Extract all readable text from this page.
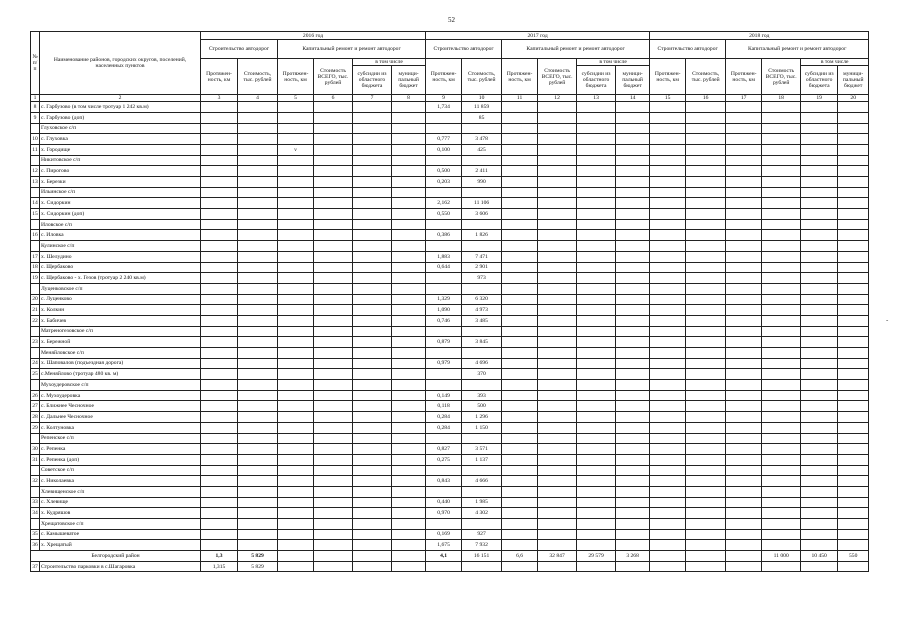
52
-
№ п/п	Наименование районов, городских округов, поселений, населенных пунктов	2016 год						2017 год						2018 год					
		Строительство автодорог		Капитальный ремонт и ремонт автодорог				Строительство автодорог		Капитальный ремонт и ремонт автодорог				Строительство автодорог		Капитальный ремонт и ремонт автодорог			
		Протяжен-ность, км	Стоимость, тыс. рублей	Протяжен-ность, км	Стоимость ВСЕГО, тыс. рублей	в том числе		Протяжен-ность, км	Стоимость, тыс. рублей	Протяжен-ность, км	Стоимость ВСЕГО, тыс. рублей	в том числе		Протяжен-ность, км	Стоимость, тыс. рублей	Протяжен-ность, км	Стоимость ВСЕГО, тыс. рублей	в том числе	
						субсидии из областного бюджета	муници-пальный бюджет					субсидии из областного бюджета	муници-пальный бюджет					субсидии из областного бюджета	муници-пальный бюджет
1	2	3	4	5	6	7	8	9	10	11	12	13	14	15	16	17	18	19	20
8	с. Гарбузово (в том числе тротуар 1 242 кв.м)							1,734	11 859										
9	с. Гарбузово (доп)								85										
	Глуховское с/п																		
10	с. Глуховка							0,777	3 478										
11	х. Городище			v				0,100	425										
	Никитовское с/п																		
12	с. Пирогово							0,500	2 411										
13	х. Березки							0,203	990										
	Ильинское с/п																		
14	х. Сидоркин							2,162	11 106										
15	х. Сидоркин (доп)							0,550	3 606										
	Иловское с/п																		
16	с. Иловка							0,386	1 826										
	Кулинское с/п																		
17	х. Шелудино							1,883	7 471										
18	с. Щербаково							0,644	2 901										
19	с. Щербаково - х. Гезов (тротуар 2 240 кв.м)								973										
	Луценковское с/п																		
20	с. Луценково							1,329	6 320										
21	х. Колкин							1,090	4 973										
22	х. Бабичев							0,746	3 485										
	Матреногезовское с/п																		
23	х. Бережной							0,879	3 845										
	Меняйловское с/п																		
24	х. Шаповалов (подъездная дорога)							0,979	4 696										
25	с.Меняйлово (тротуар 480 кв. м)								370										
	Мухоудеровское с/п																		
26	с. Мухоудеровка							0,149	393										
27	с. Ближнее Чесночное							0,118	500										
28	с. Дальнее Чесночное							0,284	1 296										
29	с. Колтуновка							0,284	1 150										
	Репенское с/п																		
30	с. Репенка							0,827	3 571										
31	с. Репенка (доп)							0,275	1 137										
	Советское с/п																		
32	с. Николаевка							0,843	4 666										
	Хлевищенское с/п																		
33	с. Хлевище							0,440	1 985										
34	х. Кудряшов							0,970	4 302										
	Хрещатовское с/п																		
35	с. Камышеватое							0,169	927										
36	х. Хрещатый							1,675	7 932										
Белгородский район		1,3	5 829					4,1	16 151	6,6	32 847	29 579	3 268				11 000	10 450	550
37	Строительство парковки в с.Шагаровка	1,315	5 829																
